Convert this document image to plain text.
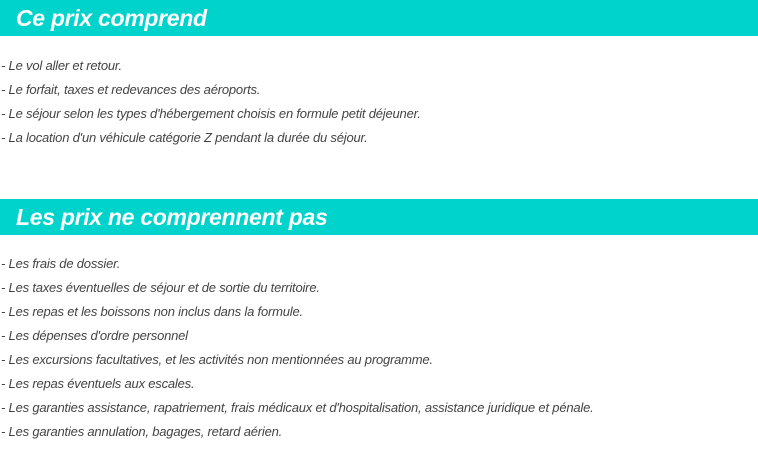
Ce prix comprend
- Le vol aller et retour.
- Le forfait, taxes et redevances des aéroports.
- Le séjour selon les types d'hébergement choisis en formule petit déjeuner.
- La location d'un véhicule catégorie Z pendant la durée du séjour.
Les prix ne comprennent pas
- Les frais de dossier.
- Les taxes éventuelles de séjour et de sortie du territoire.
- Les repas et les boissons non inclus dans la formule.
- Les dépenses d'ordre personnel
- Les excursions facultatives, et les activités non mentionnées au programme.
- Les repas éventuels aux escales.
- Les garanties assistance, rapatriement, frais médicaux et d'hospitalisation, assistance juridique et pénale.
- Les garanties annulation, bagages, retard aérien.
